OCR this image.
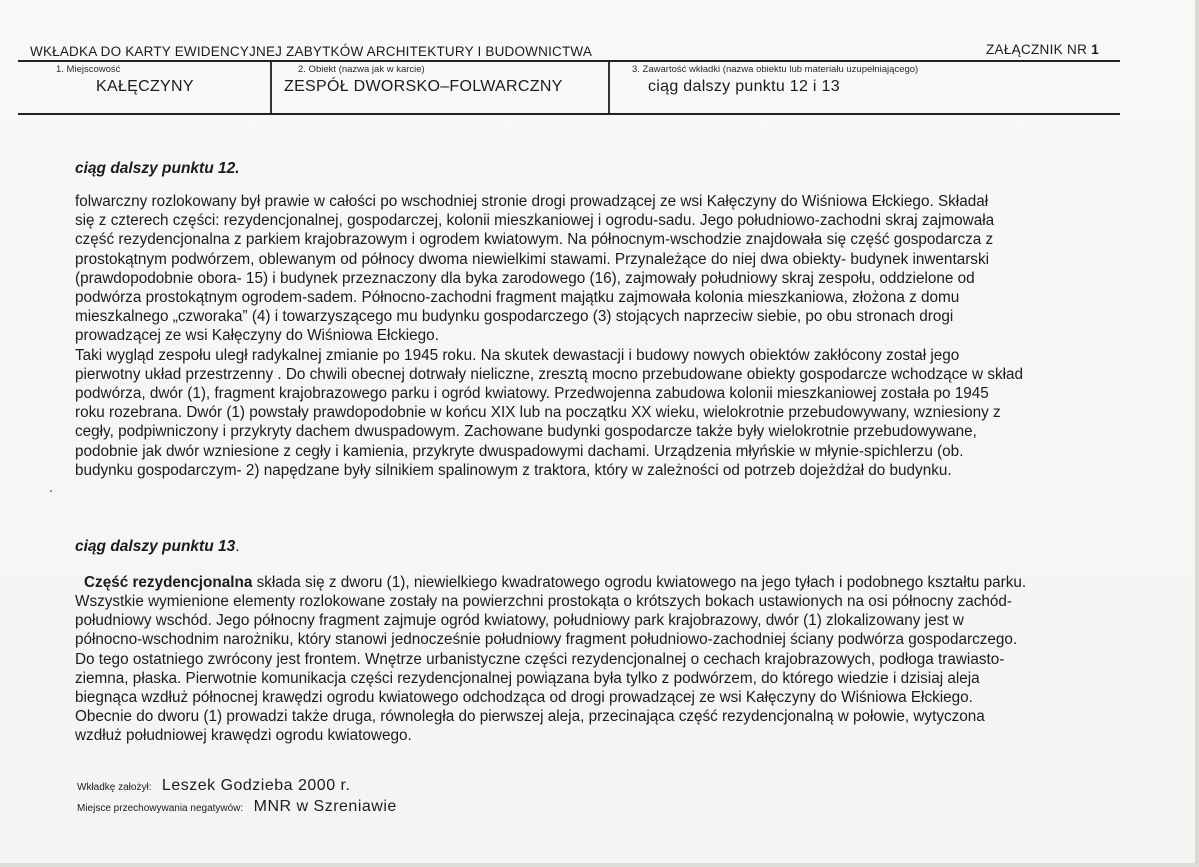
WKŁADKA DO KARTY EWIDENCYJNEJ ZABYTKÓW ARCHITEKTURY I BUDOWNICTWA	ZAŁĄCZNIK NR 1
1. Miejscowość
KAŁĘCZYNY
2. Obiekt (nazwa jak w karcie)
ZESPÓŁ DWORSKO–FOLWARCZNY
3. Zawartość wkładki (nazwa obiektu lub materiału uzupełniającego)
ciąg dalszy punktu 12 i 13
ciąg dalszy punktu 12.
folwarczny rozlokowany był prawie w całości po wschodniej stronie drogi prowadzącej ze wsi Kałęczyny do Wiśniowa Ełckiego. Składał
się z czterech części: rezydencjonalnej, gospodarczej, kolonii mieszkaniowej i ogrodu-sadu. Jego południowo-zachodni skraj zajmowała
część rezydencjonalna z parkiem krajobrazowym i ogrodem kwiatowym. Na północnym-wschodzie znajdowała się część gospodarcza z
prostokątnym podwórzem, oblewanym od północy dwoma niewielkimi stawami. Przynależące do niej dwa obiekty- budynek inwentarski
(prawdopodobnie obora- 15) i budynek przeznaczony dla byka zarodowego (16), zajmowały południowy skraj zespołu, oddzielone od
podwórza prostokątnym ogrodem-sadem. Północno-zachodni fragment majątku zajmowała kolonia mieszkaniowa, złożona z domu
mieszkalnego „czworaka” (4) i towarzyszącego mu budynku gospodarczego (3) stojących naprzeciw siebie, po obu stronach drogi
prowadzącej ze wsi Kałęczyny do Wiśniowa Ełckiego.
Taki wygląd zespołu uległ radykalnej zmianie po 1945 roku. Na skutek dewastacji i budowy nowych obiektów zakłócony został jego
pierwotny układ przestrzenny . Do chwili obecnej dotrwały nieliczne, zresztą mocno przebudowane obiekty gospodarcze wchodzące w skład
podwórza, dwór (1), fragment krajobrazowego parku i ogród kwiatowy. Przedwojenna zabudowa kolonii mieszkaniowej została po 1945
roku rozebrana. Dwór (1) powstały prawdopodobnie w końcu XIX lub na początku XX wieku, wielokrotnie przebudowywany, wzniesiony z
cegły, podpiwniczony i przykryty dachem dwuspadowym. Zachowane budynki gospodarcze także były wielokrotnie przebudowywane,
podobnie jak dwór wzniesione z cegły i kamienia, przykryte dwuspadowymi dachami. Urządzenia młyńskie w młynie-spichlerzu (ob.
budynku gospodarczym- 2) napędzane były silnikiem spalinowym z traktora, który w zależności od potrzeb dojeżdżał do budynku.
ciąg dalszy punktu 13.
Część rezydencjonalna składa się z dworu (1), niewielkiego kwadratowego ogrodu kwiatowego na jego tyłach i podobnego kształtu parku.
Wszystkie wymienione elementy rozlokowane zostały na powierzchni prostokąta o krótszych bokach ustawionych na osi północny zachód-
południowy wschód. Jego północny fragment zajmuje ogród kwiatowy, południowy park krajobrazowy, dwór (1) zlokalizowany jest w
północno-wschodnim narożniku, który stanowi jednocześnie południowy fragment południowo-zachodniej ściany podwórza gospodarczego.
Do tego ostatniego zwrócony jest frontem. Wnętrze urbanistyczne części rezydencjonalnej o cechach krajobrazowych, podłoga trawiasto-
ziemna, płaska. Pierwotnie komunikacja części rezydencjonalnej powiązana była tylko z podwórzem, do którego wiedzie i dzisiaj aleja
biegnąca wzdłuż północnej krawędzi ogrodu kwiatowego odchodząca od drogi prowadzącej ze wsi Kałęczyny do Wiśniowa Ełckiego.
Obecnie do dworu (1) prowadzi także druga, równoległa do pierwszej aleja, przecinająca część rezydencjonalną w połowie, wytyczona
wzdłuż południowej krawędzi ogrodu kwiatowego.
Wkładkę założył: Leszek Godzieba 2000 r.
Miejsce przechowywania negatywów: MNR w Szreniawie
